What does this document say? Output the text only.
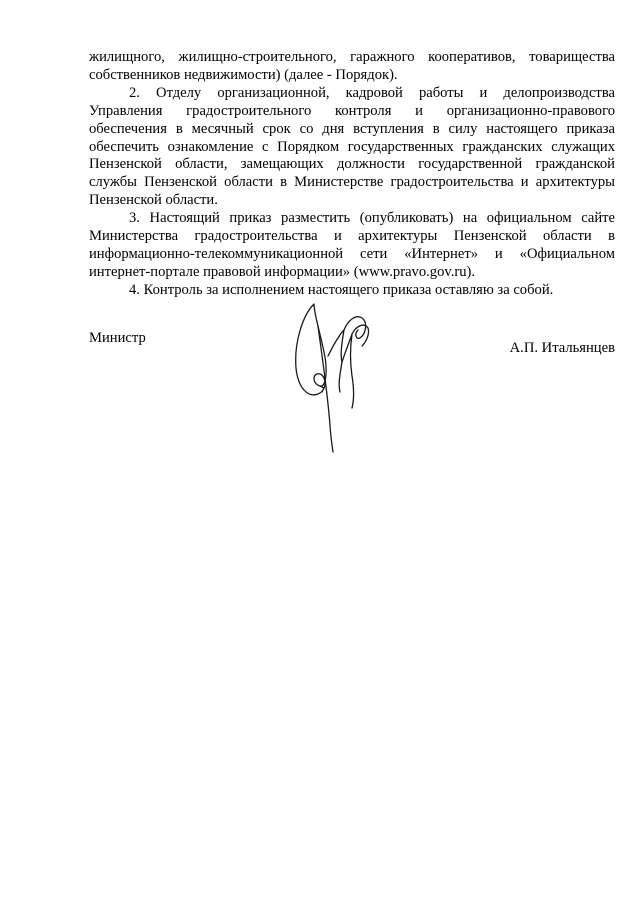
жилищного, жилищно-строительного, гаражного кооперативов, товарищества собственников недвижимости) (далее - Порядок).

2. Отделу организационной, кадровой работы и делопроизводства Управления градостроительного контроля и организационно-правового обеспечения в месячный срок со дня вступления в силу настоящего приказа обеспечить ознакомление с Порядком государственных гражданских служащих Пензенской области, замещающих должности государственной гражданской службы Пензенской области в Министерстве градостроительства и архитектуры Пензенской области.

3. Настоящий приказ разместить (опубликовать) на официальном сайте Министерства градостроительства и архитектуры Пензенской области в информационно-телекоммуникационной сети «Интернет» и «Официальном интернет-портале правовой информации» (www.pravo.gov.ru).

4. Контроль за исполнением настоящего приказа оставляю за собой.

Министр
А.П. Итальянцев
